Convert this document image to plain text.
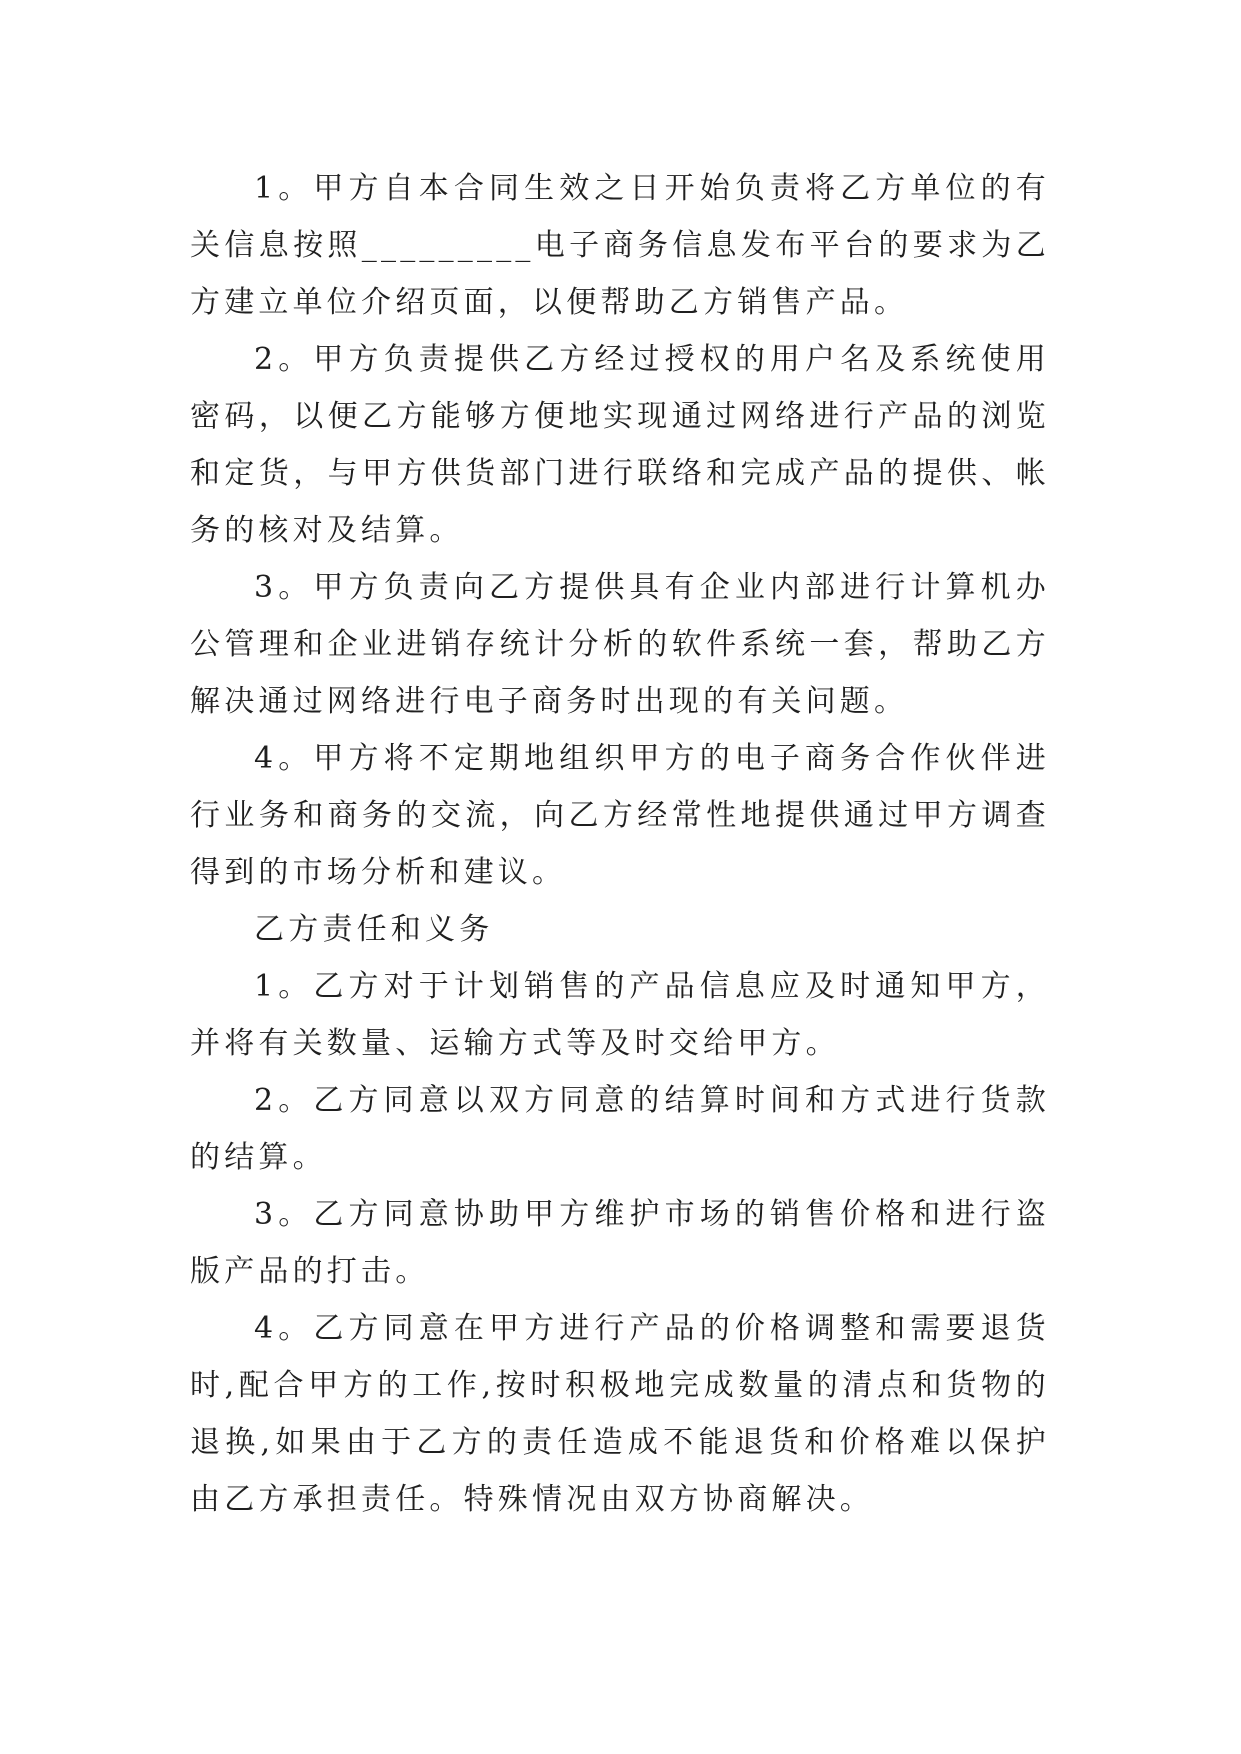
1。甲方自本合同生效之日开始负责将乙方单位的有关信息按照_________电子商务信息发布平台的要求为乙方建立单位介绍页面，以便帮助乙方销售产品。

2。甲方负责提供乙方经过授权的用户名及系统使用密码，以便乙方能够方便地实现通过网络进行产品的浏览和定货，与甲方供货部门进行联络和完成产品的提供、帐务的核对及结算。

3。甲方负责向乙方提供具有企业内部进行计算机办公管理和企业进销存统计分析的软件系统一套，帮助乙方解决通过网络进行电子商务时出现的有关问题。

4。甲方将不定期地组织甲方的电子商务合作伙伴进行业务和商务的交流，向乙方经常性地提供通过甲方调查得到的市场分析和建议。

乙方责任和义务

1。乙方对于计划销售的产品信息应及时通知甲方，并将有关数量、运输方式等及时交给甲方。

2。乙方同意以双方同意的结算时间和方式进行货款的结算。

3。乙方同意协助甲方维护市场的销售价格和进行盗版产品的打击。

4。乙方同意在甲方进行产品的价格调整和需要退货时,配合甲方的工作,按时积极地完成数量的清点和货物的退换,如果由于乙方的责任造成不能退货和价格难以保护由乙方承担责任。特殊情况由双方协商解决。
